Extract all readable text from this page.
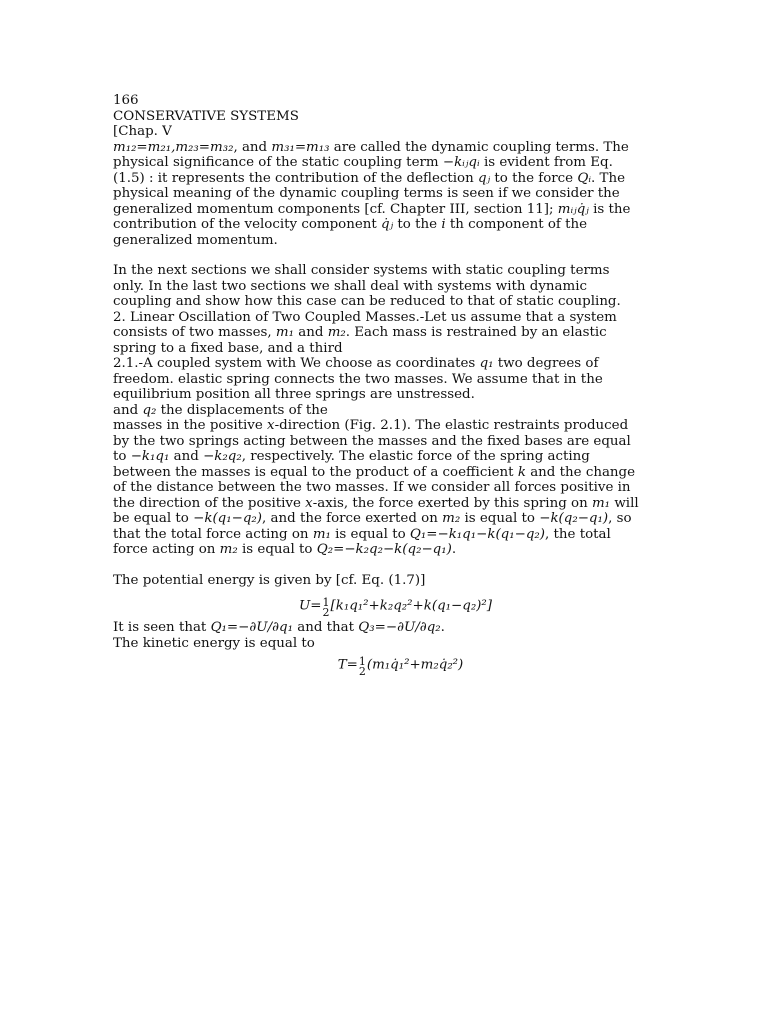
166
CONSERVATIVE SYSTEMS
[Chap. V
m₁₂=m₂₁,m₂₃=m₃₂, and m₃₁=m₁₃ are called the dynamic coupling terms. The
physical significance of the static coupling term −kᵢⱼqᵢ is evident from Eq.
(1.5) : it represents the contribution of the deflection qⱼ to the force Qᵢ. The
physical meaning of the dynamic coupling terms is seen if we consider the
generalized momentum components [cf. Chapter III, section 11]; mᵢⱼq̇ⱼ is the
contribution of the velocity component q̇ⱼ to the i th component of the
generalized momentum.
In the next sections we shall consider systems with static coupling terms
only. In the last two sections we shall deal with systems with dynamic
coupling and show how this case can be reduced to that of static coupling.
2. Linear Oscillation of Two Coupled Masses.-Let us assume that a system
consists of two masses, m₁ and m₂. Each mass is restrained by an elastic
spring to a fixed base, and a third
2.1.-A coupled system with We choose as coordinates q₁ two degrees of
freedom. elastic spring connects the two masses. We assume that in the
equilibrium position all three springs are unstressed.
and q₂ the displacements of the
masses in the positive x-direction (Fig. 2.1). The elastic restraints produced
by the two springs acting between the masses and the fixed bases are equal
to −k₁q₁ and −k₂q₂, respectively. The elastic force of the spring acting
between the masses is equal to the product of a coefficient k and the change
of the distance between the two masses. If we consider all forces positive in
the direction of the positive x-axis, the force exerted by this spring on m₁ will
be equal to −k(q₁−q₂), and the force exerted on m₂ is equal to −k(q₂−q₁), so
that the total force acting on m₁ is equal to Q₁=−k₁q₁−k(q₁−q₂), the total
force acting on m₂ is equal to Q₂=−k₂q₂−k(q₂−q₁).
The potential energy is given by [cf. Eq. (1.7)]
U= 1
2 [k₁q₁²+k₂q₂²+k(q₁−q₂)²]
It is seen that Q₁=−∂U/∂q₁ and that Q₃=−∂U/∂q₂.
The kinetic energy is equal to
T= 1
2 (m₁q̇₁²+m₂q̇₂²)
